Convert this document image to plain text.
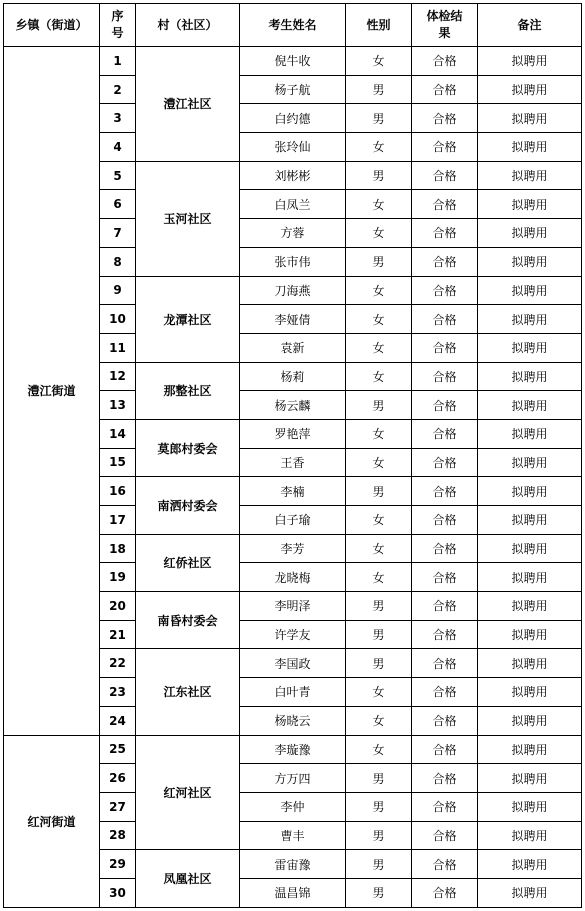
乡镇（街道）	序号	村（社区）	考生姓名	性别	体检结果	备注
澧江街道	1	澧江社区	倪牛收	女	合格	拟聘用
	2		杨子航	男	合格	拟聘用
	3		白约德	男	合格	拟聘用
	4		张玲仙	女	合格	拟聘用
	5	玉河社区	刘彬彬	男	合格	拟聘用
	6		白凤兰	女	合格	拟聘用
	7		方蓉	女	合格	拟聘用
	8		张市伟	男	合格	拟聘用
	9	龙潭社区	刀海燕	女	合格	拟聘用
	10		李娅倩	女	合格	拟聘用
	11		袁新	女	合格	拟聘用
	12	那整社区	杨莉	女	合格	拟聘用
	13		杨云麟	男	合格	拟聘用
	14	莫郎村委会	罗艳萍	女	合格	拟聘用
	15		王香	女	合格	拟聘用
	16	南洒村委会	李楠	男	合格	拟聘用
	17		白子瑜	女	合格	拟聘用
	18	红侨社区	李芳	女	合格	拟聘用
	19		龙晓梅	女	合格	拟聘用
	20	南昏村委会	李明泽	男	合格	拟聘用
	21		许学友	男	合格	拟聘用
	22	江东社区	李国政	男	合格	拟聘用
	23		白叶青	女	合格	拟聘用
	24		杨晓云	女	合格	拟聘用
红河街道	25	红河社区	李璇豫	女	合格	拟聘用
	26		方万四	男	合格	拟聘用
	27		李仲	男	合格	拟聘用
	28		曹丰	男	合格	拟聘用
	29	凤凰社区	雷宙豫	男	合格	拟聘用
	30		温昌锦	男	合格	拟聘用
